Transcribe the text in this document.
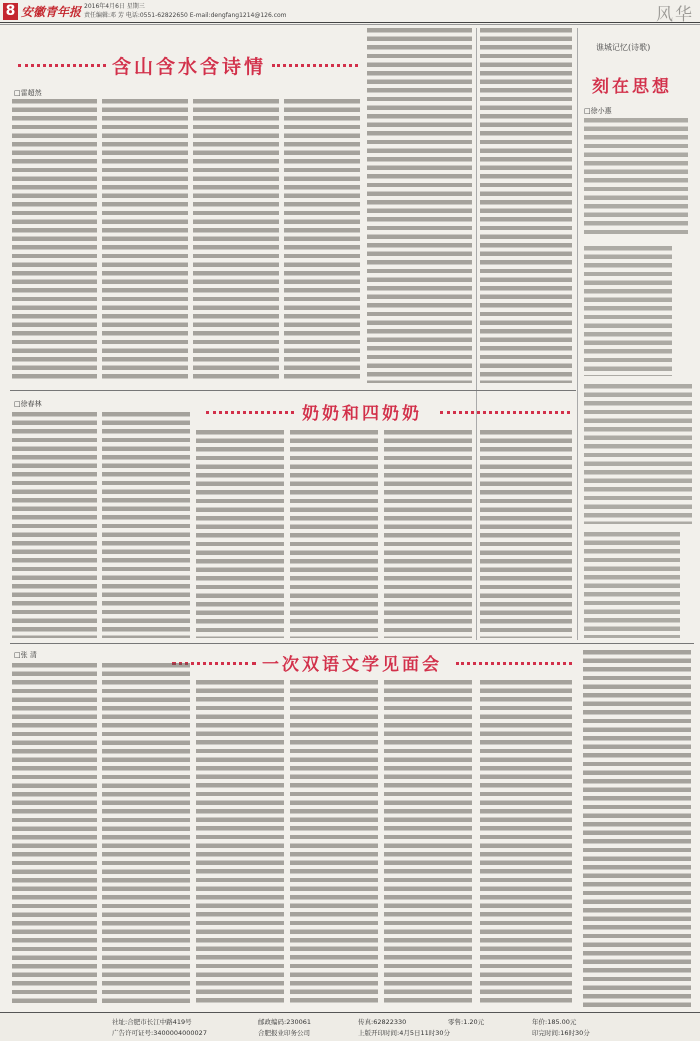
8 安徽青年报 2016年4月6日 星期三
责任编辑:邓 芳 电话:0551-62822650 E-mail:dengfang1214@126.com	风华
含山含水含诗情
□雷超然
谯城记忆(诗歌)
刻在思想
□徐小惠
□徐春林	奶奶和四奶奶
□张 清	一次双语文学见面会
社址:合肥市长江中路419号	邮政编码:230061	传真:62822330	零售:1.20元	年价:185.00元
广告许可证号:3400004000027	合肥报业印务公司	上版开印时间:4月5日11时30分	印完时间:16时30分
